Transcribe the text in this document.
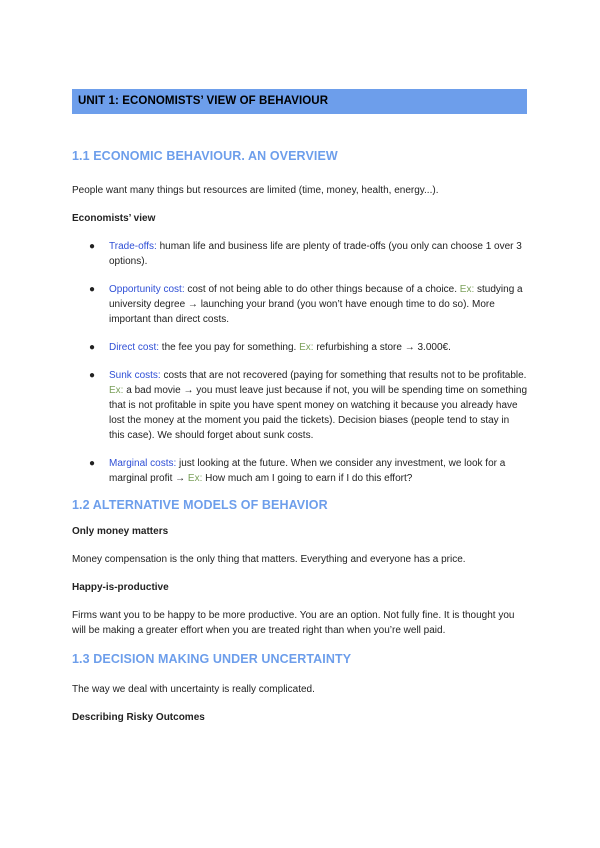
UNIT 1: ECONOMISTS’ VIEW OF BEHAVIOUR
1.1 ECONOMIC BEHAVIOUR. AN OVERVIEW

People want many things but resources are limited (time, money, health, energy...).

Economists’ view

● Trade-offs: human life and business life are plenty of trade-offs (you only can choose 1 over 3 options).
● Opportunity cost: cost of not being able to do other things because of a choice. Ex: studying a university degree → launching your brand (you won’t have enough time to do so). More important than direct costs.
● Direct cost: the fee you pay for something. Ex: refurbishing a store → 3.000€.
● Sunk costs: costs that are not recovered (paying for something that results not to be profitable. Ex: a bad movie → you must leave just because if not, you will be spending time on something that is not profitable in spite you have spent money on watching it because you already have lost the money at the moment you paid the tickets). Decision biases (people tend to stay in this case). We should forget about sunk costs.
● Marginal costs: just looking at the future. When we consider any investment, we look for a marginal profit → Ex: How much am I going to earn if I do this effort?
1.2 ALTERNATIVE MODELS OF BEHAVIOR

Only money matters

Money compensation is the only thing that matters. Everything and everyone has a price.

Happy-is-productive

Firms want you to be happy to be more productive. You are an option. Not fully fine. It is thought you will be making a greater effort when you are treated right than when you’re well paid.

1.3 DECISION MAKING UNDER UNCERTAINTY

The way we deal with uncertainty is really complicated.

Describing Risky Outcomes
